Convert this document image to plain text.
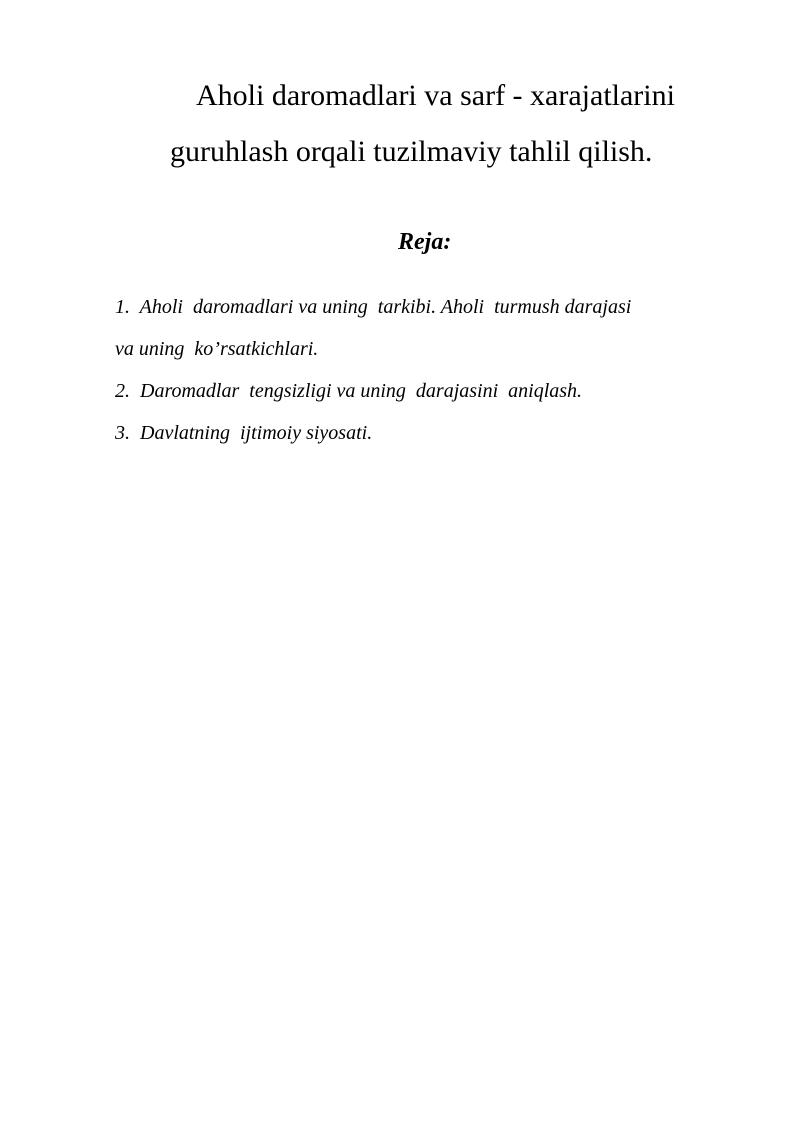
Aholi daromadlari va sarf - xarajatlarini
guruhlash orqali tuzilmaviy tahlil qilish.
Reja:
1.  Aholi  daromadlari va uning  tarkibi. Aholi  turmush darajasi
va uning  ko’rsatkichlari.
2.  Daromadlar  tengsizligi va uning  darajasini  aniqlash.
3.  Davlatning  ijtimoiy siyosati.
